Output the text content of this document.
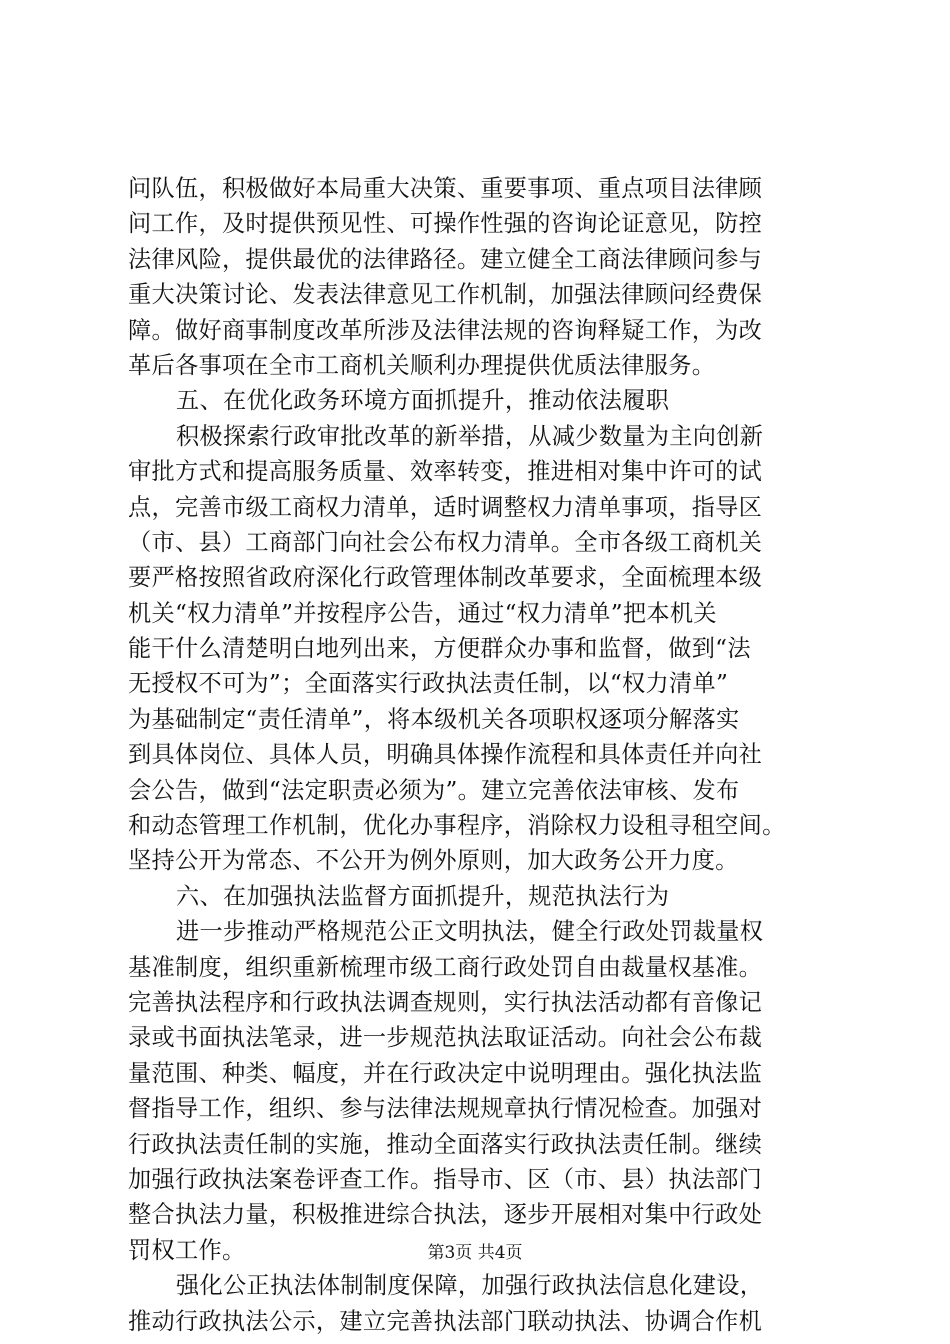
问队伍，积极做好本局重大决策、重要事项、重点项目法律顾
问工作，及时提供预见性、可操作性强的咨询论证意见，防控
法律风险，提供最优的法律路径。建立健全工商法律顾问参与
重大决策讨论、发表法律意见工作机制，加强法律顾问经费保
障。做好商事制度改革所涉及法律法规的咨询释疑工作，为改
革后各事项在全市工商机关顺利办理提供优质法律服务。
五、在优化政务环境方面抓提升，推动依法履职
积极探索行政审批改革的新举措，从减少数量为主向创新
审批方式和提高服务质量、效率转变，推进相对集中许可的试
点，完善市级工商权力清单，适时调整权力清单事项，指导区
（市、县）工商部门向社会公布权力清单。全市各级工商机关
要严格按照省政府深化行政管理体制改革要求，全面梳理本级
机关“权力清单”并按程序公告，通过“权力清单”把本机关
能干什么清楚明白地列出来，方便群众办事和监督，做到“法
无授权不可为”；全面落实行政执法责任制，以“权力清单”
为基础制定“责任清单”，将本级机关各项职权逐项分解落实
到具体岗位、具体人员，明确具体操作流程和具体责任并向社
会公告，做到“法定职责必须为”。建立完善依法审核、发布
和动态管理工作机制，优化办事程序，消除权力设租寻租空间。
坚持公开为常态、不公开为例外原则，加大政务公开力度。
六、在加强执法监督方面抓提升，规范执法行为
进一步推动严格规范公正文明执法，健全行政处罚裁量权
基准制度，组织重新梳理市级工商行政处罚自由裁量权基准。
完善执法程序和行政执法调查规则，实行执法活动都有音像记
录或书面执法笔录，进一步规范执法取证活动。向社会公布裁
量范围、种类、幅度，并在行政决定中说明理由。强化执法监
督指导工作，组织、参与法律法规规章执行情况检查。加强对
行政执法责任制的实施，推动全面落实行政执法责任制。继续
加强行政执法案卷评查工作。指导市、区（市、县）执法部门
整合执法力量，积极推进综合执法，逐步开展相对集中行政处
罚权工作。
强化公正执法体制制度保障，加强行政执法信息化建设，
推动行政执法公示，建立完善执法部门联动执法、协调合作机
第3页 共4页
